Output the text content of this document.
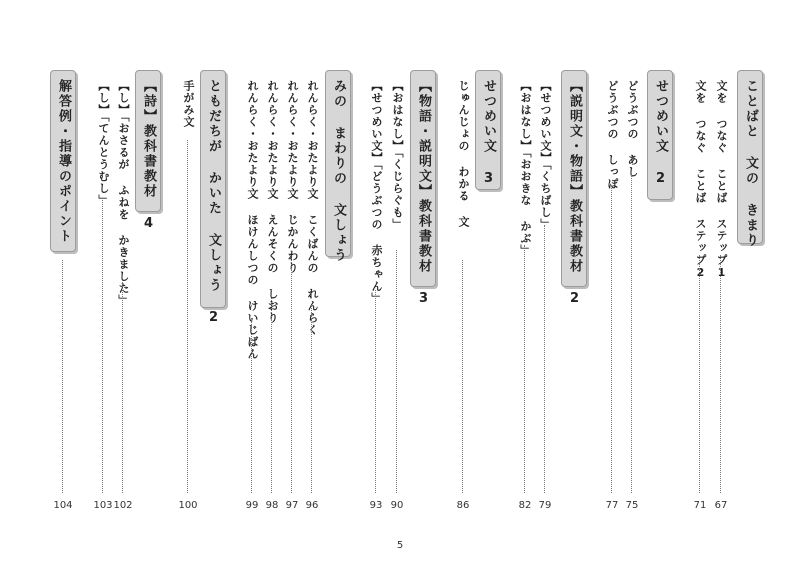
ことばと 文の きまり
文を つなぐ ことば ステップ1
67
文を つなぐ ことば ステップ2
71
せつめい文 2
どうぶつの あし
75
どうぶつの しっぽ
77
【説明文・物語】教科書教材 2
【せつめい文】「くちばし」
79
【おはなし】「おおきな かぶ」
82
せつめい文 3
じゅんじょの わかる 文
86
【物語・説明文】教科書教材 3
【おはなし】「くじらぐも」
90
【せつめい文】「どうぶつの 赤ちゃん」
93
みの まわりの 文しょう
れんらく・おたより文 こくばんの れんらく
96
れんらく・おたより文 じかんわり
97
れんらく・おたより文 えんそくの しおり
98
れんらく・おたより文 ほけんしつの けいじばん
99
ともだちが かいた 文しょう 2
手がみ文
100
【詩】教科書教材 4
【し】「おさるが ふねを かきました」
102
【し】「てんとうむし」
103
解答例・指導のポイント
104
5
